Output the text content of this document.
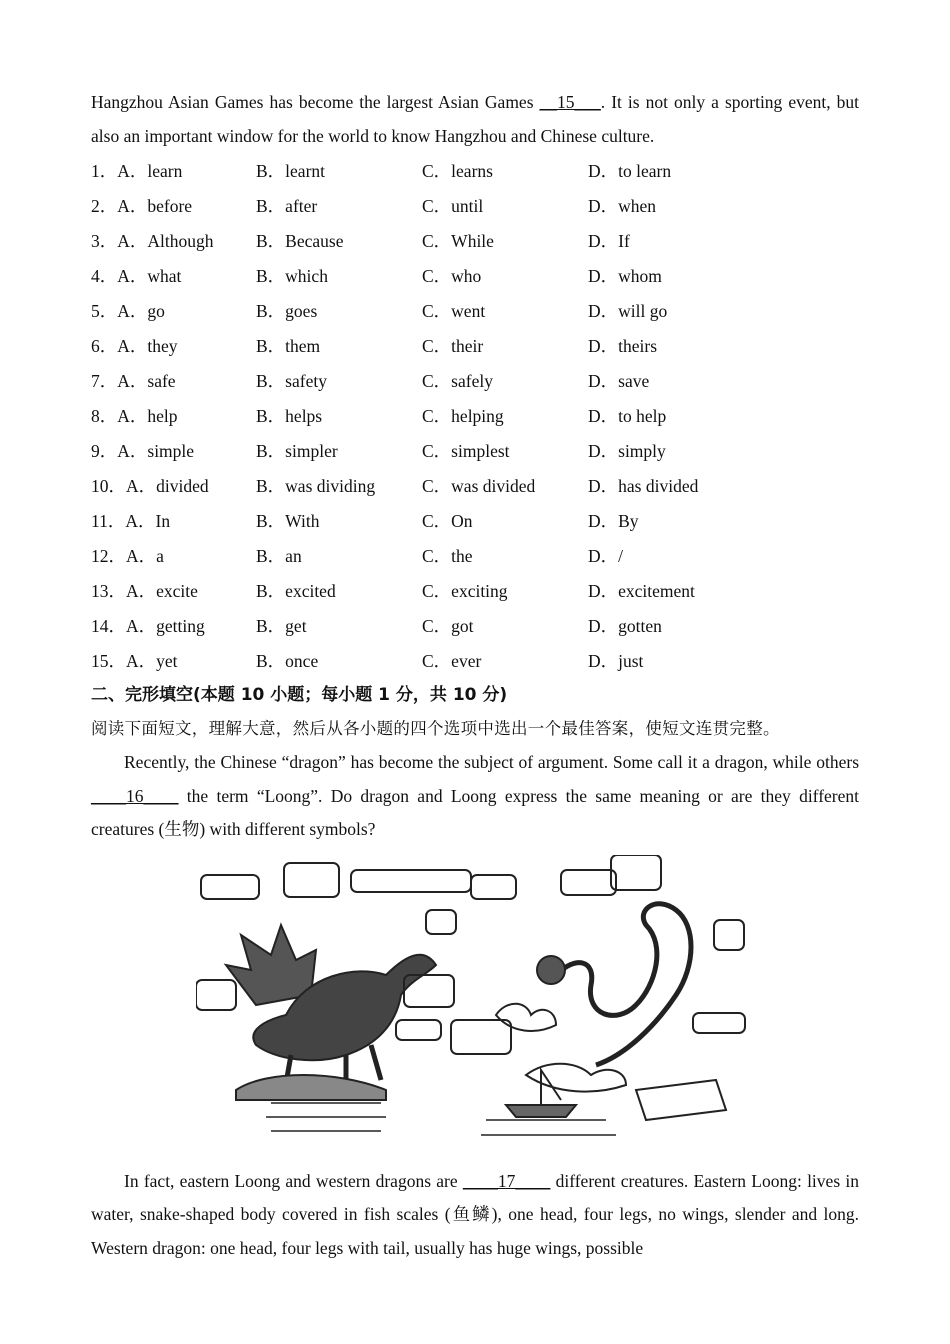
Hangzhou Asian Games has become the largest Asian Games __15___. It is not only a sporting event, but also an important window for the world to know Hangzhou and Chinese culture.

1．A．learn	B．learnt	C．learns	D．to learn
2．A．before	B．after	C．until	D．when
3．A．Although	B．Because	C．While	D．If
4．A．what	B．which	C．who	D．whom
5．A．go	B．goes	C．went	D．will go
6．A．they	B．them	C．their	D．theirs
7．A．safe	B．safety	C．safely	D．save
8．A．help	B．helps	C．helping	D．to help
9．A．simple	B．simpler	C．simplest	D．simply
10．A．divided	B．was dividing	C．was divided	D．has divided
11．A．In	B．With	C．On	D．By
12．A．a	B．an	C．the	D．/
13．A．excite	B．excited	C．exciting	D．excitement
14．A．getting	B．get	C．got	D．gotten
15．A．yet	B．once	C．ever	D．just

二、完形填空(本题 10 小题；每小题 1 分，共 10 分)

阅读下面短文，理解大意，然后从各小题的四个选项中选出一个最佳答案，使短文连贯完整。

Recently, the Chinese “dragon” has become the subject of argument. Some call it a dragon, while others ____16____ the term “Loong”. Do dragon and Loong express the same meaning or are they different creatures (生物) with different symbols?

In fact, eastern Loong and western dragons are ____17____ different creatures. Eastern Loong: lives in water, snake-shaped body covered in fish scales (鱼鳞), one head, four legs, no wings, slender and long. Western dragon: one head, four legs with tail, usually has huge wings, possible
